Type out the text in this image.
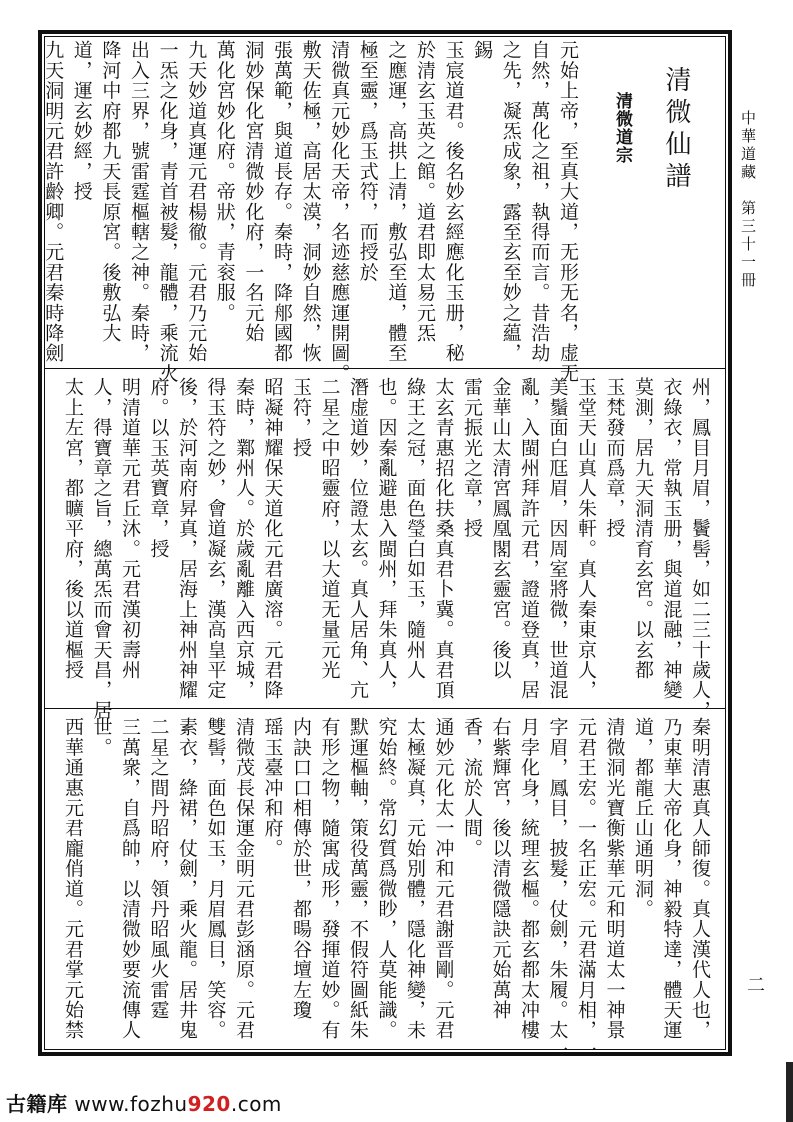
中華道藏　第三十一冊
二
清微仙譜
清微道宗
元始上帝，至真大道，无形无名，虚无
自然，萬化之祖，執得而言。昔浩劫
之先，凝炁成象，露至玄至妙之藴，
錫
玉宸道君。後名妙玄經應化玉册，秘
於清玄玉英之館。道君即太易元炁
之應運，高拱上清，敷弘至道，體至
極至靈，爲玉式符，而授於
清微真元妙化天帝，名迹慈應運開圖。
敷天佐極，高居太漠，洞妙自然，恢
張萬範，與道長存。秦時，降郍國都
洞妙保化宮清微妙化府，一名元始
萬化宮妙化府。帝狀，青衮服。
九天妙道真運元君楊徹。元君乃元始
一炁之化身，青首被髮，龍體，乘流火
出入三界，號雷霆樞轄之神。秦時，
降河中府都九天長原宮。後敷弘大
道，運玄妙經，授
九天洞明元君許齡卿。元君秦時降劍
州，鳳目月眉，鬢髻，如二三十歲人，
衣綠衣，常執玉册，與道混融，神變
莫測，居九天洞清育玄宮。以玄都
玉梵發而爲章，授
玉堂天山真人朱軒。真人秦東京人，
美鬚面白尫眉，因周室將微，世道混
亂，入閩州拜許元君，證道登真，居
金華山太清宮鳳凰閣玄靈宮。後以
雷元振光之章，授
太玄青惠招化扶桑真君卜冀。真君頂
綠王之冠，面色瑩白如玉，隨州人
也。因秦亂避患入閩州，拜朱真人，
潛虚道妙，位證太玄。真人居角、亢
二星之中昭靈府，以大道无量元光
玉符，授
昭凝神耀保天道化元君廣溶。元君降
秦時，鄴州人。於歲亂離入西京城，
得玉符之妙，會道凝玄，漢高皇平定
後，於河南府昇真，居海上神州神耀
府。以玉英寶章，授
明清道華元君丘沐。元君漢初壽州
人，得寶章之旨，總萬炁而會天昌，居
太上左宮，都曠平府，後以道樞授
秦明清惠真人師復。真人漢代人也，
乃東華大帝化身，神毅特達，體天運
道，都龍丘山通明洞。
清微洞光寶衡紫華元和明道太一神景
元君王宏。一名正宏。元君滿月相，一
字眉，鳳目，披髮，仗劍，朱履。太一
月孛化身，統理玄樞。都玄都太冲樓
右紫輝宮，後以清微隱訣元始萬神
香，流於人間。
通妙元化太一冲和元君謝晋剛。元君
太極凝真，元始別體，隱化神變，未
究始終。常幻質爲微眇，人莫能識。
默運樞軸，策役萬靈，不假符圖紙朱
有形之物，隨寓成形，發揮道妙。有
内訣口口相傳於世，都暘谷壇左瓊
瑶玉臺冲和府。
清微茂長保運金明元君彭涵原。元君
雙髻，面色如玉，月眉鳳目，笑容。
素衣，絳裙，仗劍，乘火龍。居井鬼
二星之間丹昭府，領丹昭風火雷霆
三萬衆，自爲帥，以清微妙要流傳人
世。
西華通惠元君龐俏道。元君掌元始禁
古籍库 www.fozhu920.com
